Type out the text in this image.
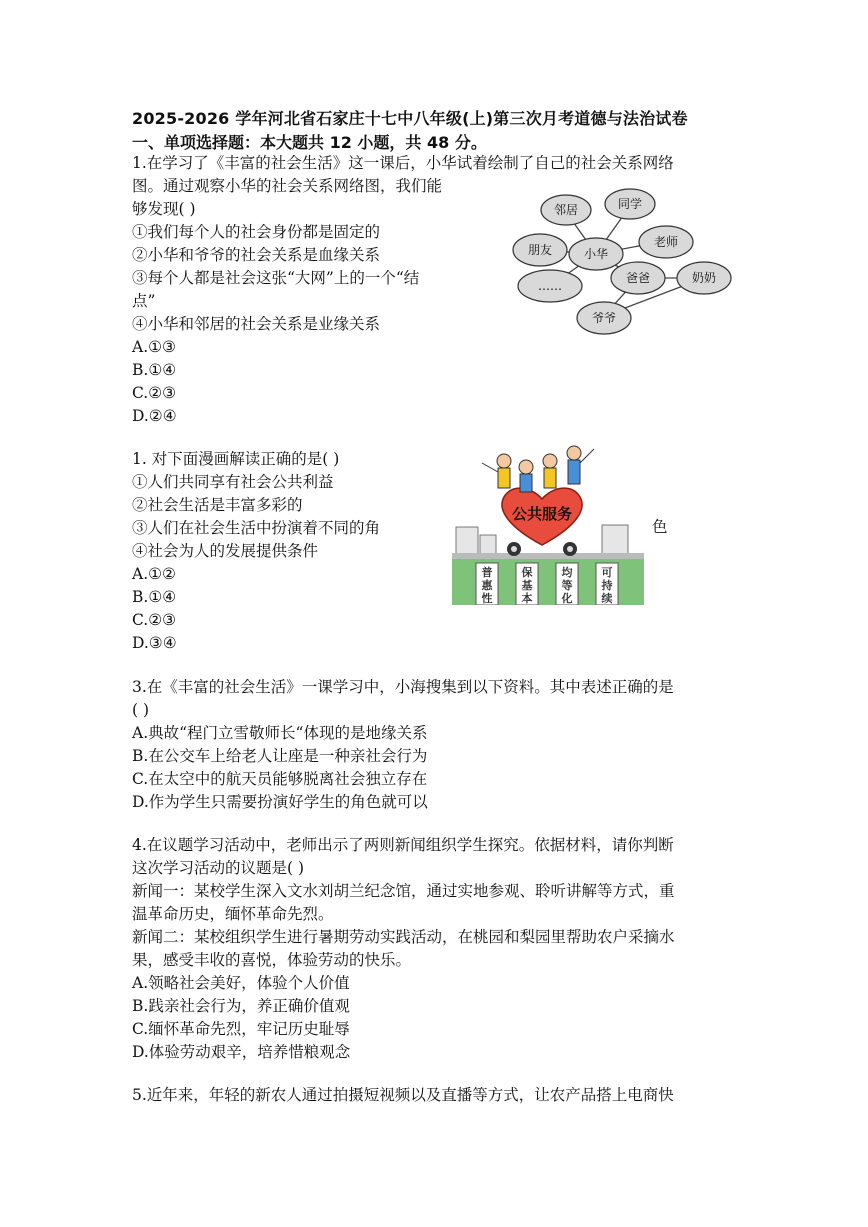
2025-2026 学年河北省石家庄十七中八年级(上)第三次月考道德与法治试卷
一、单项选择题：本大题共 12 小题，共 48 分。
1.在学习了《丰富的社会生活》这一课后，小华试着绘制了自己的社会关系网络
图。通过观察小华的社会关系网络图，我们能
够发现( )
①我们每个人的社会身份都是固定的
②小华和爷爷的社会关系是血缘关系
③每个人都是社会这张“大网”上的一个“结
点”
④小华和邻居的社会关系是业缘关系
A.①③
B.①④
C.②③
D.②④
邻居	同学
朋友	小华
老师
……
爸爸	奶奶
爷爷
1. 对下面漫画解读正确的是( )
①人们共同享有社会公共利益
②社会生活是丰富多彩的
③人们在社会生活中扮演着不同的角	色
④社会为人的发展提供条件
A.①②
B.①④
C.②③
D.③④
普
惠
性
保
基
本
均
等
化
可
持
续
公共服务
3.在《丰富的社会生活》一课学习中，小海搜集到以下资料。其中表述正确的是
( )
A.典故“程门立雪敬师长“体现的是地缘关系
B.在公交车上给老人让座是一种亲社会行为
C.在太空中的航天员能够脱离社会独立存在
D.作为学生只需要扮演好学生的角色就可以
4.在议题学习活动中，老师出示了两则新闻组织学生探究。依据材料，请你判断
这次学习活动的议题是( )
新闻一：某校学生深入文水刘胡兰纪念馆，通过实地参观、聆听讲解等方式，重
温革命历史，缅怀革命先烈。
新闻二：某校组织学生进行暑期劳动实践活动，在桃园和梨园里帮助农户采摘水
果，感受丰收的喜悦，体验劳动的快乐。
A.领略社会美好，体验个人价值
B.践亲社会行为，养正确价值观
C.缅怀革命先烈，牢记历史耻辱
D.体验劳动艰辛，培养惜粮观念
5.近年来，年轻的新农人通过拍摄短视频以及直播等方式，让农产品搭上电商快
